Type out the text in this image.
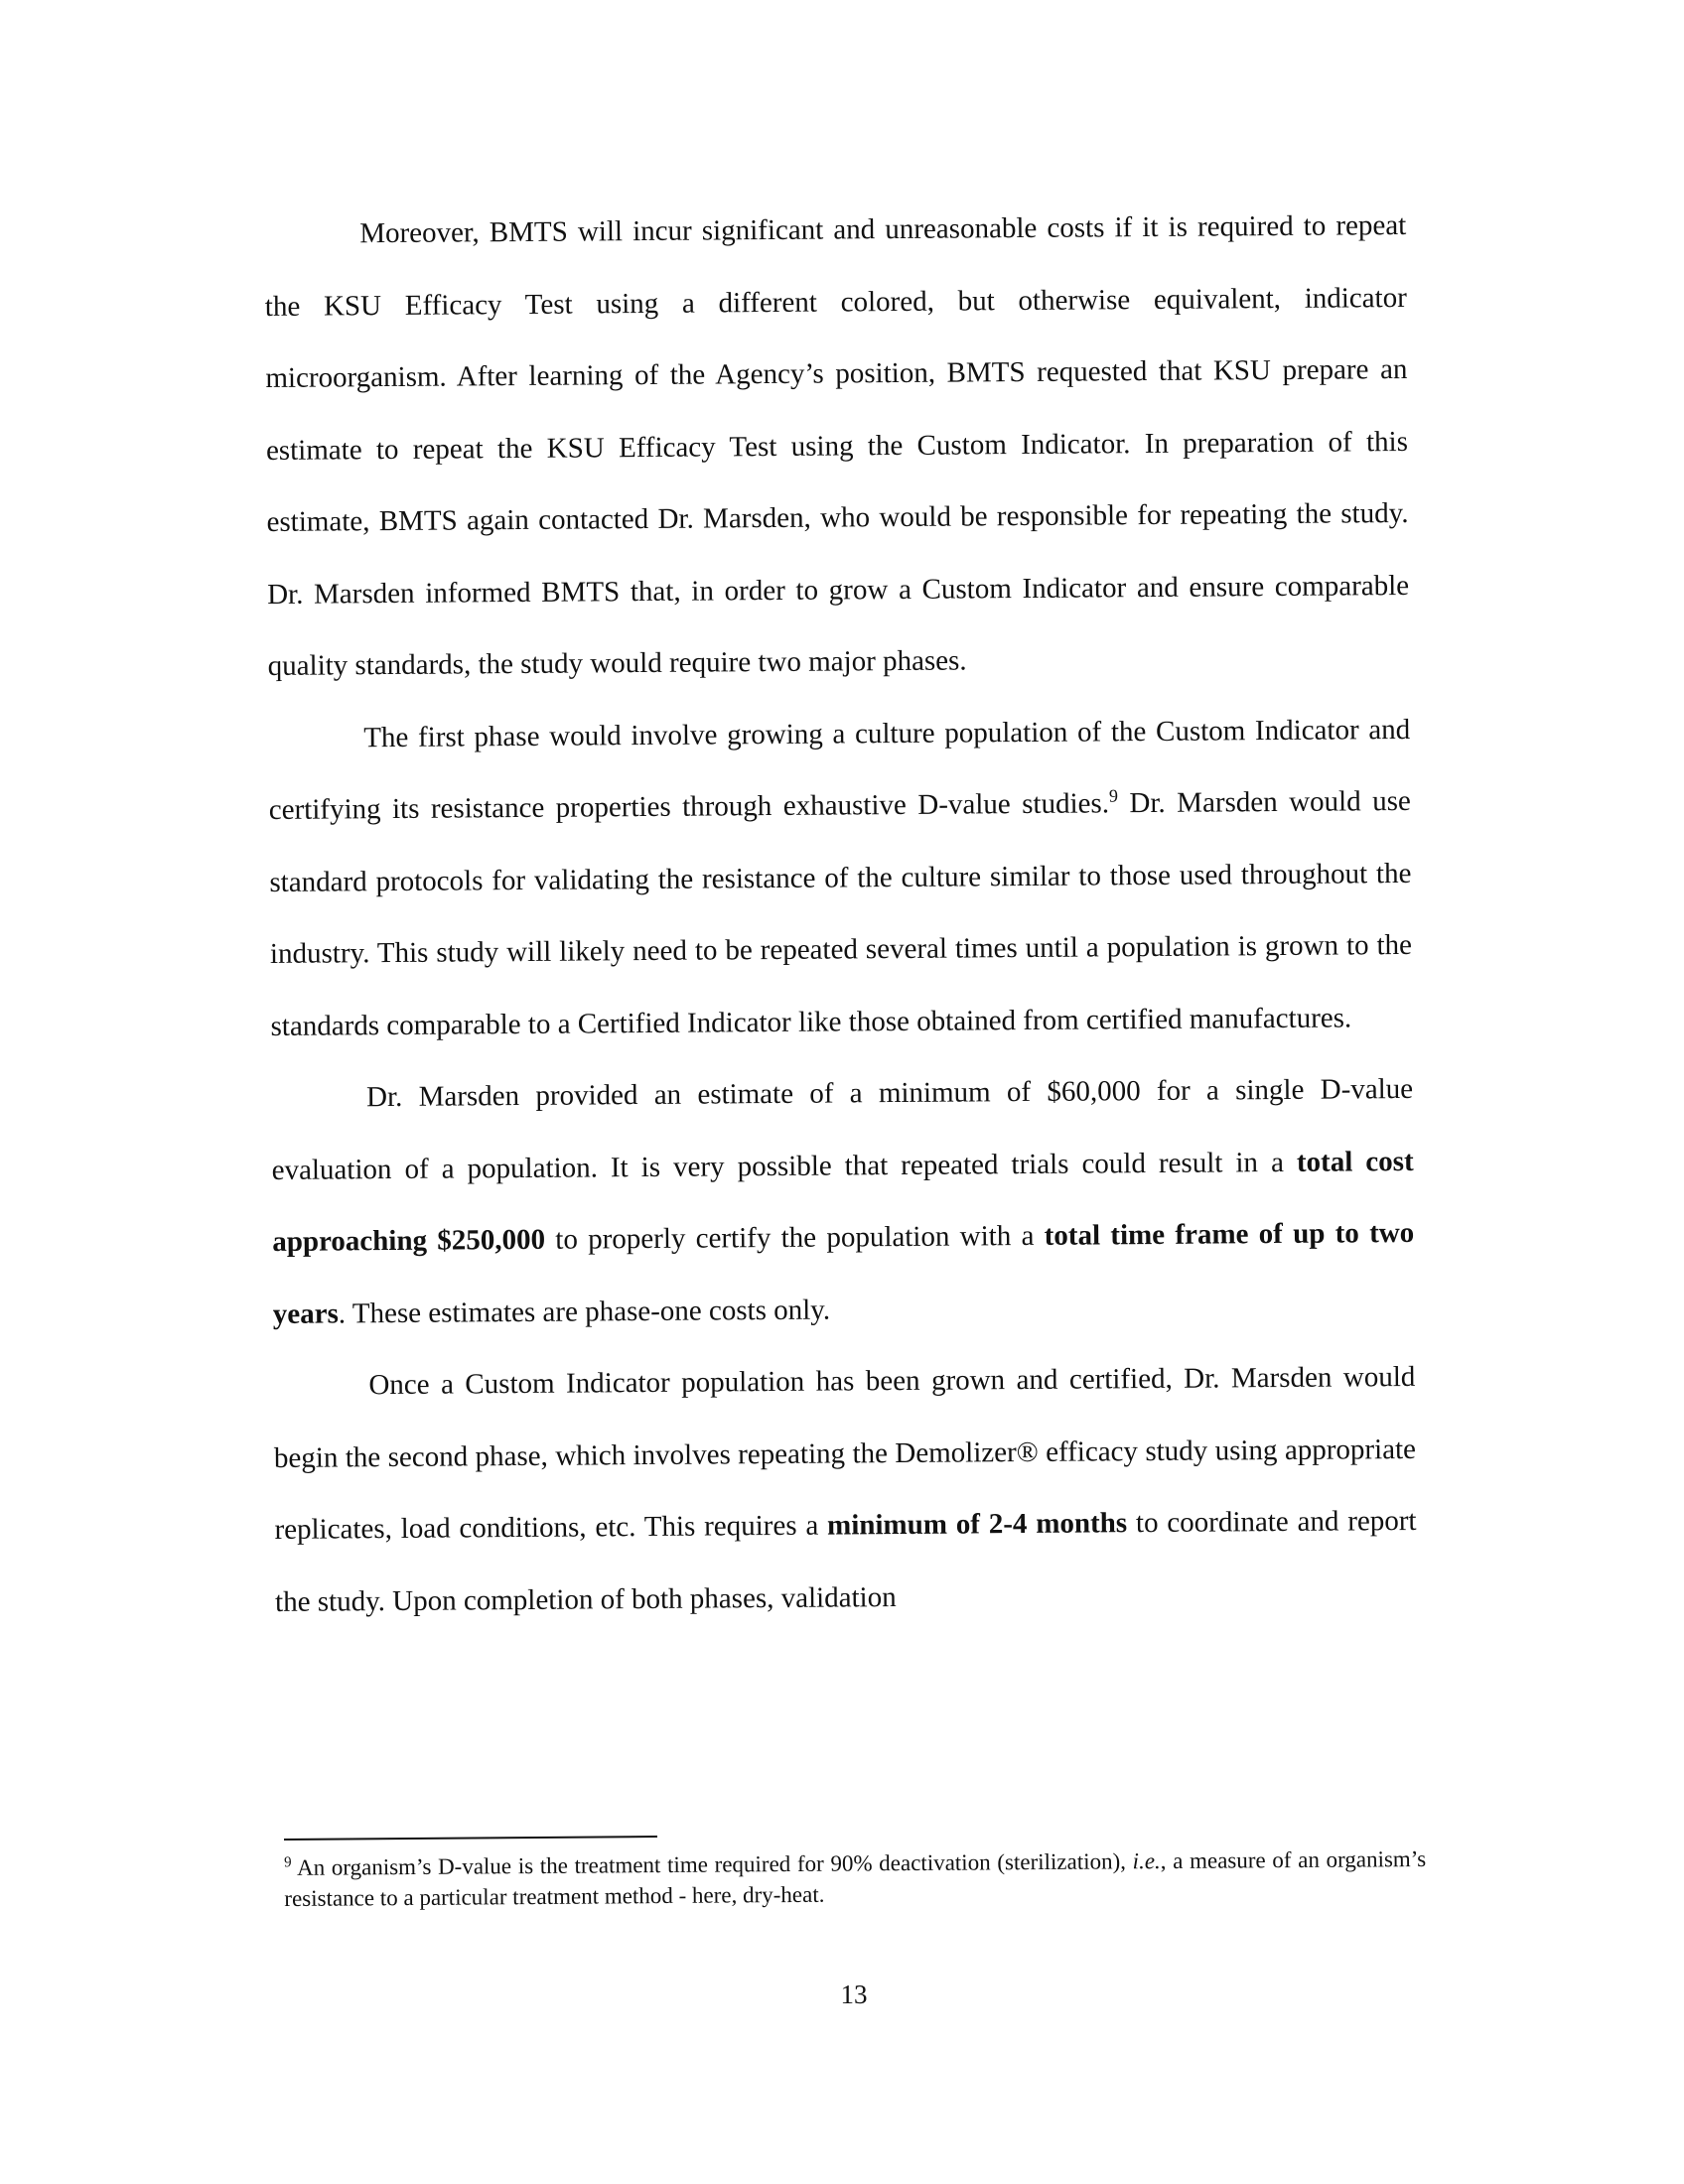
Moreover, BMTS will incur significant and unreasonable costs if it is required to repeat the KSU Efficacy Test using a different colored, but otherwise equivalent, indicator microorganism. After learning of the Agency’s position, BMTS requested that KSU prepare an estimate to repeat the KSU Efficacy Test using the Custom Indicator. In preparation of this estimate, BMTS again contacted Dr. Marsden, who would be responsible for repeating the study. Dr. Marsden informed BMTS that, in order to grow a Custom Indicator and ensure comparable quality standards, the study would require two major phases.

The first phase would involve growing a culture population of the Custom Indicator and certifying its resistance properties through exhaustive D-value studies.$^9$ Dr. Marsden would use standard protocols for validating the resistance of the culture similar to those used throughout the industry. This study will likely need to be repeated several times until a population is grown to the standards comparable to a Certified Indicator like those obtained from certified manufactures.

Dr. Marsden provided an estimate of a minimum of $60,000 for a single D-value evaluation of a population. It is very possible that repeated trials could result in a total cost approaching $250,000 to properly certify the population with a total time frame of up to two years. These estimates are phase-one costs only.

Once a Custom Indicator population has been grown and certified, Dr. Marsden would begin the second phase, which involves repeating the Demolizer® efficacy study using appropriate replicates, load conditions, etc. This requires a minimum of 2-4 months to coordinate and report the study. Upon completion of both phases, validation

$^9$ An organism’s D-value is the treatment time required for 90% deactivation (sterilization), i.e., a measure of an organism’s resistance to a particular treatment method - here, dry-heat.

13
